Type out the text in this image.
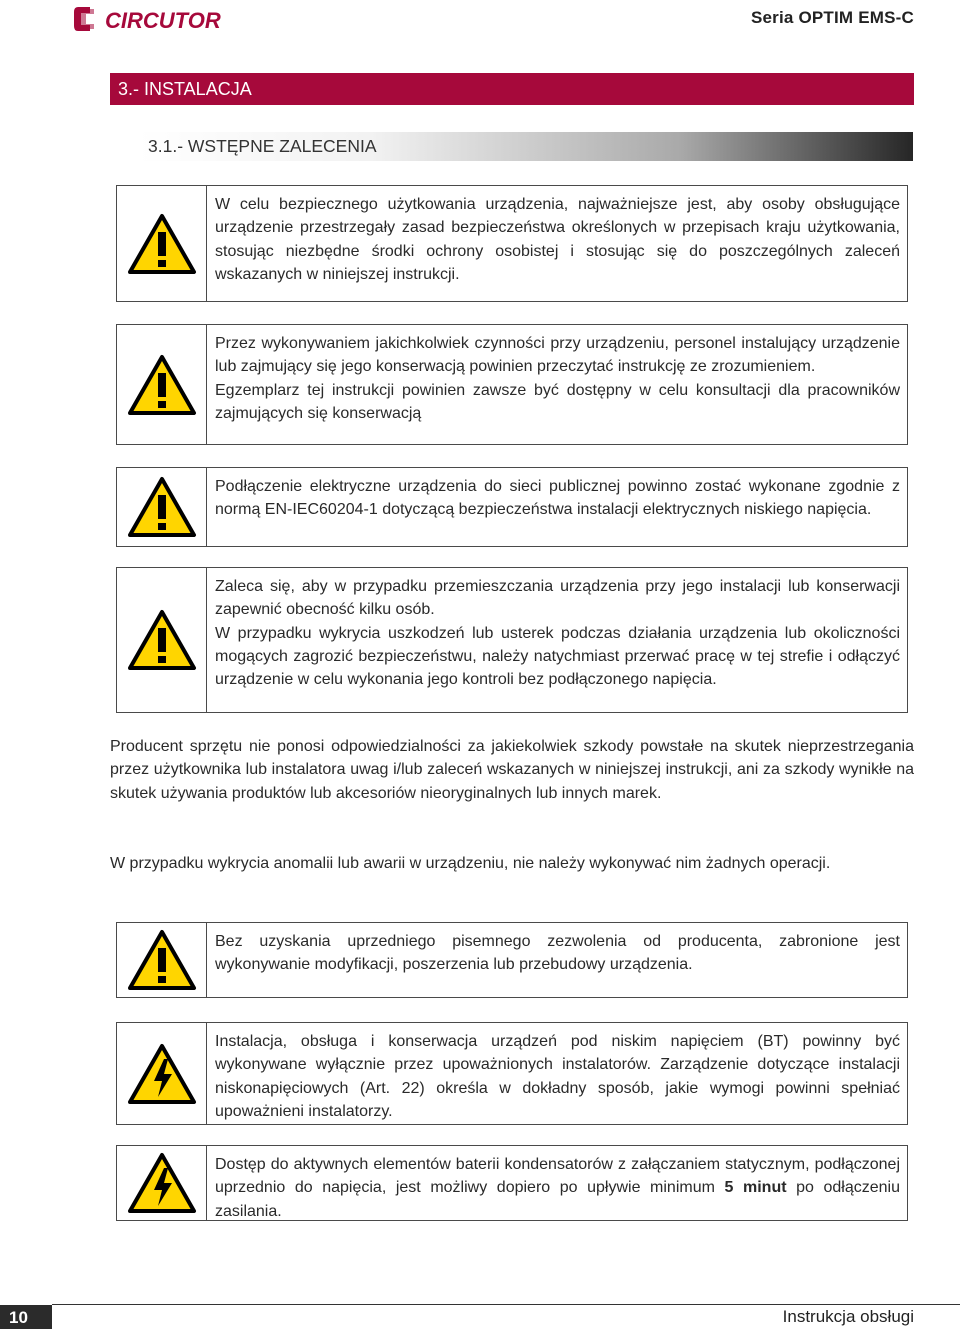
CIRCUTOR	Seria OPTIM EMS-C
3.- INSTALACJA
3.1.- WSTĘPNE ZALECENIA

W celu bezpiecznego użytkowania urządzenia, najważniejsze jest, aby osoby obsługujące urządzenie przestrzegały zasad bezpieczeństwa określonych w przepisach kraju użytkowania, stosując niezbędne środki ochrony osobistej i stosując się do poszczególnych zaleceń wskazanych w niniejszej instrukcji.

Przez wykonywaniem jakichkolwiek czynności przy urządzeniu, personel instalujący urządzenie lub zajmujący się jego konserwacją powinien przeczytać instrukcję ze zrozumieniem.

Egzemplarz tej instrukcji powinien zawsze być dostępny w celu konsultacji dla pracowników zajmujących się konserwacją

Podłączenie elektryczne urządzenia do sieci publicznej powinno zostać wykonane zgodnie z normą EN-IEC60204-1 dotyczącą bezpieczeństwa instalacji elektrycznych niskiego napięcia.

Zaleca się, aby w przypadku przemieszczania urządzenia przy jego instalacji lub konserwacji zapewnić obecność kilku osób.

W przypadku wykrycia uszkodzeń lub usterek podczas działania urządzenia lub okoliczności mogących zagrozić bezpieczeństwu, należy natychmiast przerwać pracę w tej strefie i odłączyć urządzenie w celu wykonania jego kontroli bez podłączonego napięcia.

Producent sprzętu nie ponosi odpowiedzialności za jakiekolwiek szkody powstałe na skutek nieprzestrzegania przez użytkownika lub instalatora uwag i/lub zaleceń wskazanych w niniejszej instrukcji, ani za szkody wynikłe na skutek używania produktów lub akcesoriów nieoryginalnych lub innych marek.

W przypadku wykrycia anomalii lub awarii w urządzeniu, nie należy wykonywać nim żadnych operacji.

Bez uzyskania uprzedniego pisemnego zezwolenia od producenta, zabronione jest wykonywanie modyfikacji, poszerzenia lub przebudowy urządzenia.

Instalacja, obsługa i konserwacja urządzeń pod niskim napięciem (BT) powinny być wykonywane wyłącznie przez upoważnionych instalatorów. Zarządzenie dotyczące instalacji niskonapięciowych (Art. 22) określa w dokładny sposób, jakie wymogi powinni spełniać upoważnieni instalatorzy.

Dostęp do aktywnych elementów baterii kondensatorów z załączaniem statycznym, podłączonej uprzednio do napięcia, jest możliwy dopiero po upływie minimum 5 minut po odłączeniu zasilania.

10	Instrukcja obsługi
